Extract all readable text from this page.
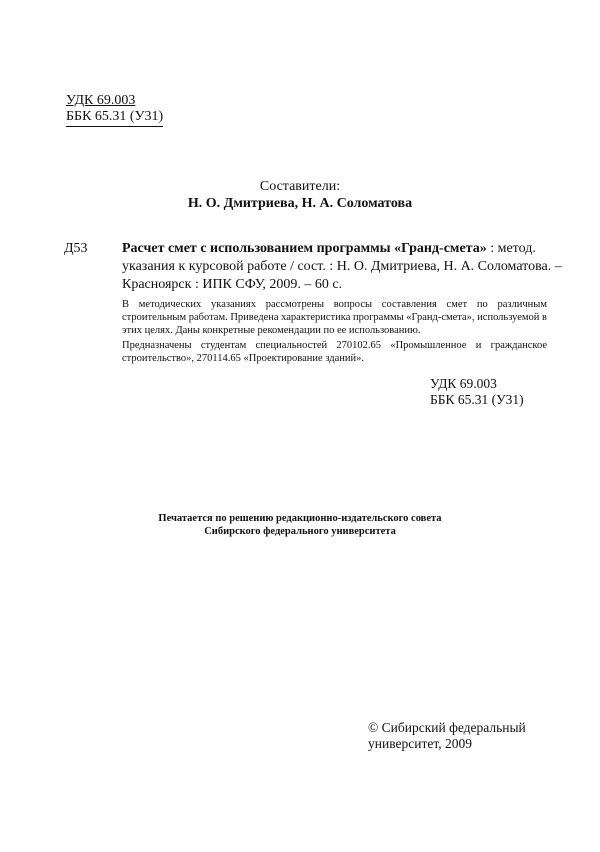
УДК 69.003
ББК 65.31 (У31)
Составители:
Н. О. Дмитриева, Н. А. Соломатова
Д53 Расчет смет с использованием программы «Гранд-смета» : метод.
указания к курсовой работе / сост. : Н. О. Дмитриева, Н. А. Соломатова. –
Красноярск : ИПК СФУ, 2009. – 60 с.

В методических указаниях рассмотрены вопросы составления смет по различным строительным работам. Приведена характеристика программы «Гранд-смета», используемой в этих целях. Даны конкретные рекомендации по ее использованию.

Предназначены студентам специальностей 270102.65 «Промышленное и гражданское строительство», 270114.65 «Проектирование зданий».

УДК 69.003
ББК 65.31 (У31)
Печатается по решению редакционно-издательского совета
Сибирского федерального университета
© Сибирский федеральный
университет, 2009
